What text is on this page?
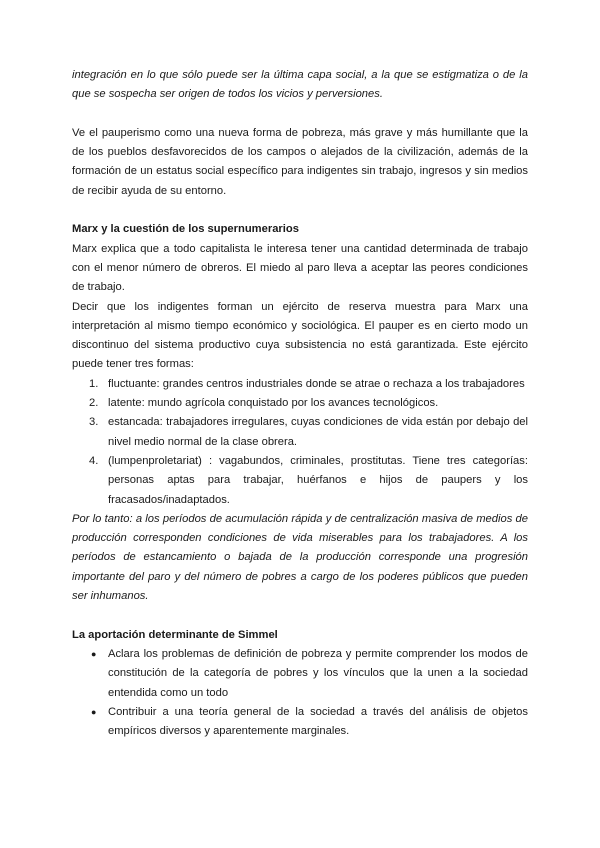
integración en lo que sólo puede ser la última capa social, a la que se estigmatiza o de la que se sospecha ser origen de todos los vicios y perversiones.

Ve el pauperismo como una nueva forma de pobreza, más grave y más humillante que la de los pueblos desfavorecidos de los campos o alejados de la civilización, además de la formación de un estatus social específico para indigentes sin trabajo, ingresos y sin medios de recibir ayuda de su entorno.

Marx y la cuestión de los supernumerarios

Marx explica que a todo capitalista le interesa tener una cantidad determinada de trabajo con el menor número de obreros. El miedo al paro lleva a aceptar las peores condiciones de trabajo.

Decir que los indigentes forman un ejército de reserva muestra para Marx una interpretación al mismo tiempo económico y sociológica. El pauper es en cierto modo un discontinuo del sistema productivo cuya subsistencia no está garantizada. Este ejército puede tener tres formas:

1. fluctuante: grandes centros industriales donde se atrae o rechaza a los trabajadores
2. latente: mundo agrícola conquistado por los avances tecnológicos.
3. estancada: trabajadores irregulares, cuyas condiciones de vida están por debajo del nivel medio normal de la clase obrera.
4. (lumpenproletariat) : vagabundos, criminales, prostitutas. Tiene tres categorías: personas aptas para trabajar, huérfanos e hijos de paupers y los fracasados/inadaptados.

Por lo tanto: a los períodos de acumulación rápida y de centralización masiva de medios de producción corresponden condiciones de vida miserables para los trabajadores. A los períodos de estancamiento o bajada de la producción corresponde una progresión importante del paro y del número de pobres a cargo de los poderes públicos que pueden ser inhumanos.

La aportación determinante de Simmel
● Aclara los problemas de definición de pobreza y permite comprender los modos de constitución de la categoría de pobres y los vínculos que la unen a la sociedad entendida como un todo
● Contribuir a una teoría general de la sociedad a través del análisis de objetos empíricos diversos y aparentemente marginales.
